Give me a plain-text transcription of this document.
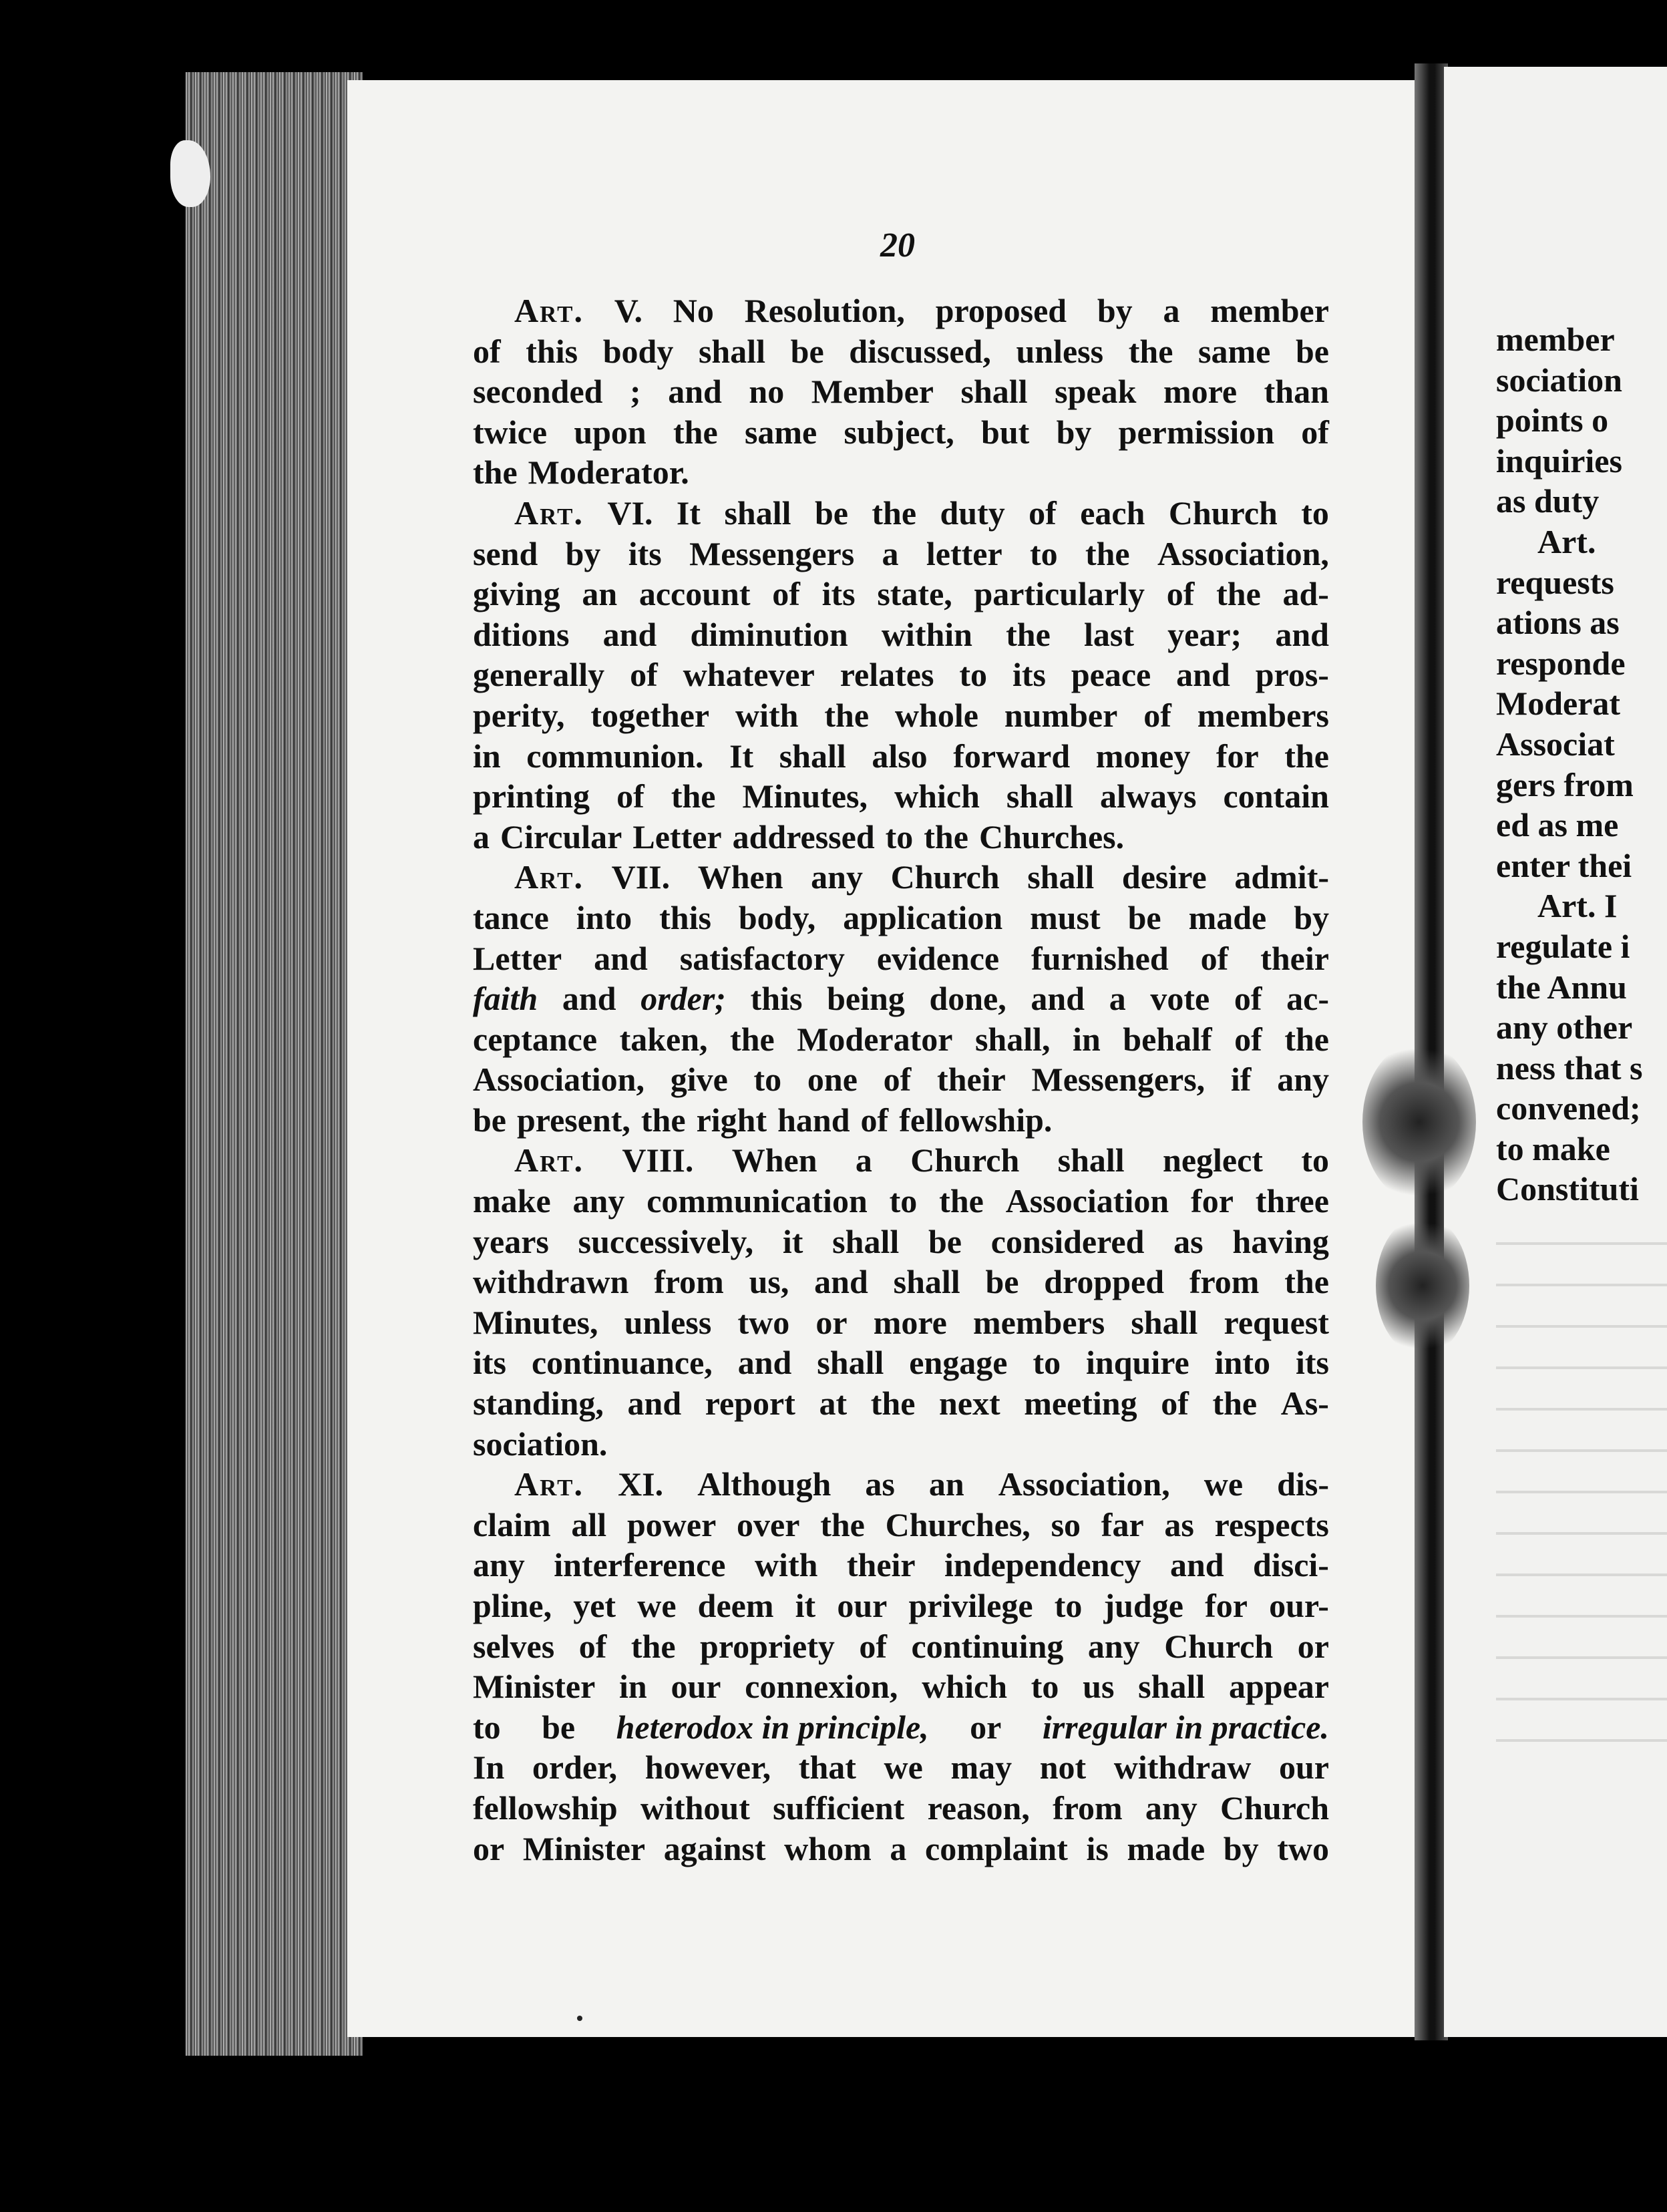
20
Art. V. No Resolution, proposed by a member
of this body shall be discussed, unless the same be
seconded ; and no Member shall speak more than
twice upon the same subject, but by permission of
the Moderator.
Art. VI. It shall be the duty of each Church to
send by its Messengers a letter to the Association,
giving an account of its state, particularly of the ad-
ditions and diminution within the last year; and
generally of whatever relates to its peace and pros-
perity, together with the whole number of members
in communion. It shall also forward money for the
printing of the Minutes, which shall always contain
a Circular Letter addressed to the Churches.
Art. VII. When any Church shall desire admit-
tance into this body, application must be made by
Letter and satisfactory evidence furnished of their
faith and order; this being done, and a vote of ac-
ceptance taken, the Moderator shall, in behalf of the
Association, give to one of their Messengers, if any
be present, the right hand of fellowship.
Art. VIII. When a Church shall neglect to
make any communication to the Association for three
years successively, it shall be considered as having
withdrawn from us, and shall be dropped from the
Minutes, unless two or more members shall request
its continuance, and shall engage to inquire into its
standing, and report at the next meeting of the As-
sociation.
Art. XI. Although as an Association, we dis-
claim all power over the Churches, so far as respects
any interference with their independency and disci-
pline, yet we deem it our privilege to judge for our-
selves of the propriety of continuing any Church or
Minister in our connexion, which to us shall appear
to be heterodox in principle, or irregular in practice.
In order, however, that we may not withdraw our
fellowship without sufficient reason, from any Church
or Minister against whom a complaint is made by two
member
sociation
points o
inquiries
as duty
Art.
requests
ations as
responde
Moderat
Associat
gers from
ed as me
enter thei
Art. I
regulate i
the Annu
any other
ness that s
convened;
to make
Constituti
